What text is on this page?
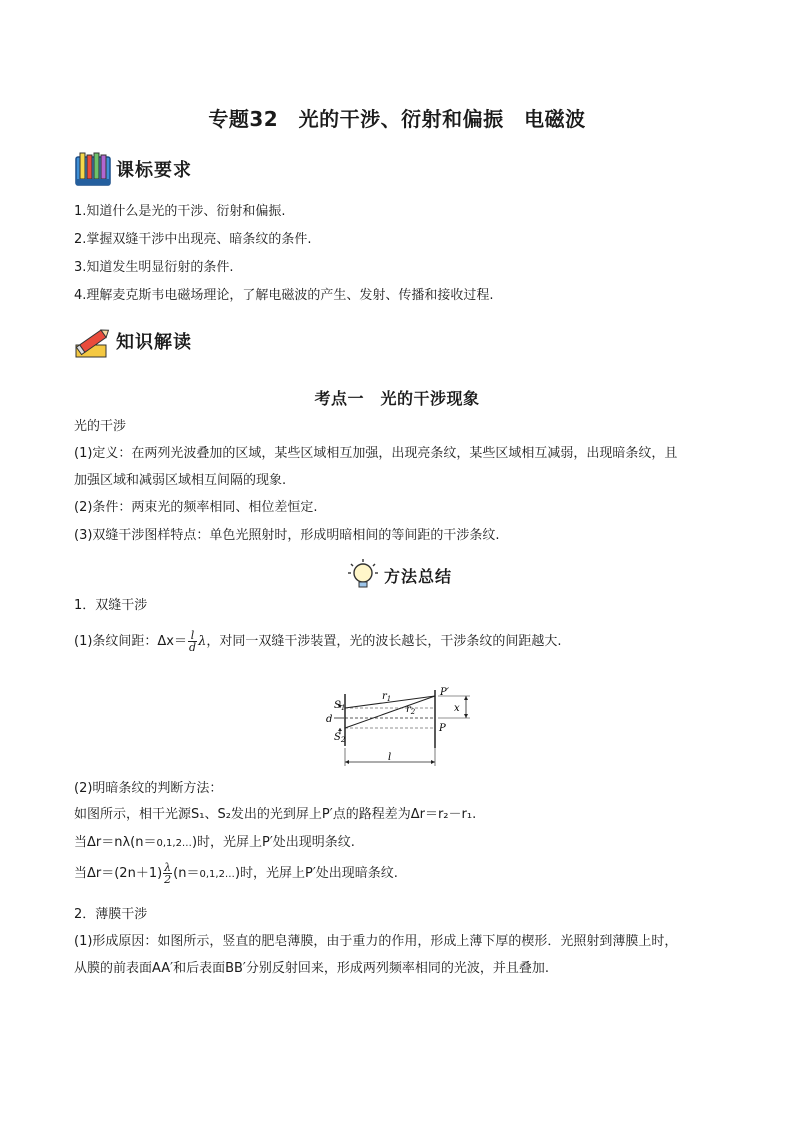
专题32　光的干涉、衍射和偏振　电磁波
课标要求
1.知道什么是光的干涉、衍射和偏振.
2.掌握双缝干涉中出现亮、暗条纹的条件.
3.知道发生明显衍射的条件.
4.理解麦克斯韦电磁场理论，了解电磁波的产生、发射、传播和接收过程.
知识解读
考点一　光的干涉现象
光的干涉
(1)定义：在两列光波叠加的区域，某些区域相互加强，出现亮条纹，某些区域相互减弱，出现暗条纹，且
加强区域和减弱区域相互间隔的现象.
(2)条件：两束光的频率相同、相位差恒定.
(3)双缝干涉图样特点：单色光照射时，形成明暗相间的等间距的干涉条纹.
方法总结
1．双缝干涉
(1)条纹间距：$\Delta x= \frac{l}{d}$ λ，对同一双缝干涉装置，光的波长越长，干涉条纹的间距越大.
$S_1$
$S_2$
d
$r_1$
$r_2$
P′
P
x
l
(2)明暗条纹的判断方法：
如图所示，相干光源S₁、S₂发出的光到屏上P′点的路程差为Δr＝r₂－r₁.
当Δr＝nλ(n＝0,1,2…)时，光屏上P′处出现明条纹.
当$\Delta r=(2n+1) \frac{\lambda}{2}$ (n＝0,1,2…)时，光屏上P′处出现暗条纹.
2．薄膜干涉
(1)形成原因：如图所示，竖直的肥皂薄膜，由于重力的作用，形成上薄下厚的楔形．光照射到薄膜上时，
从膜的前表面AA′和后表面BB′分别反射回来，形成两列频率相同的光波，并且叠加.
